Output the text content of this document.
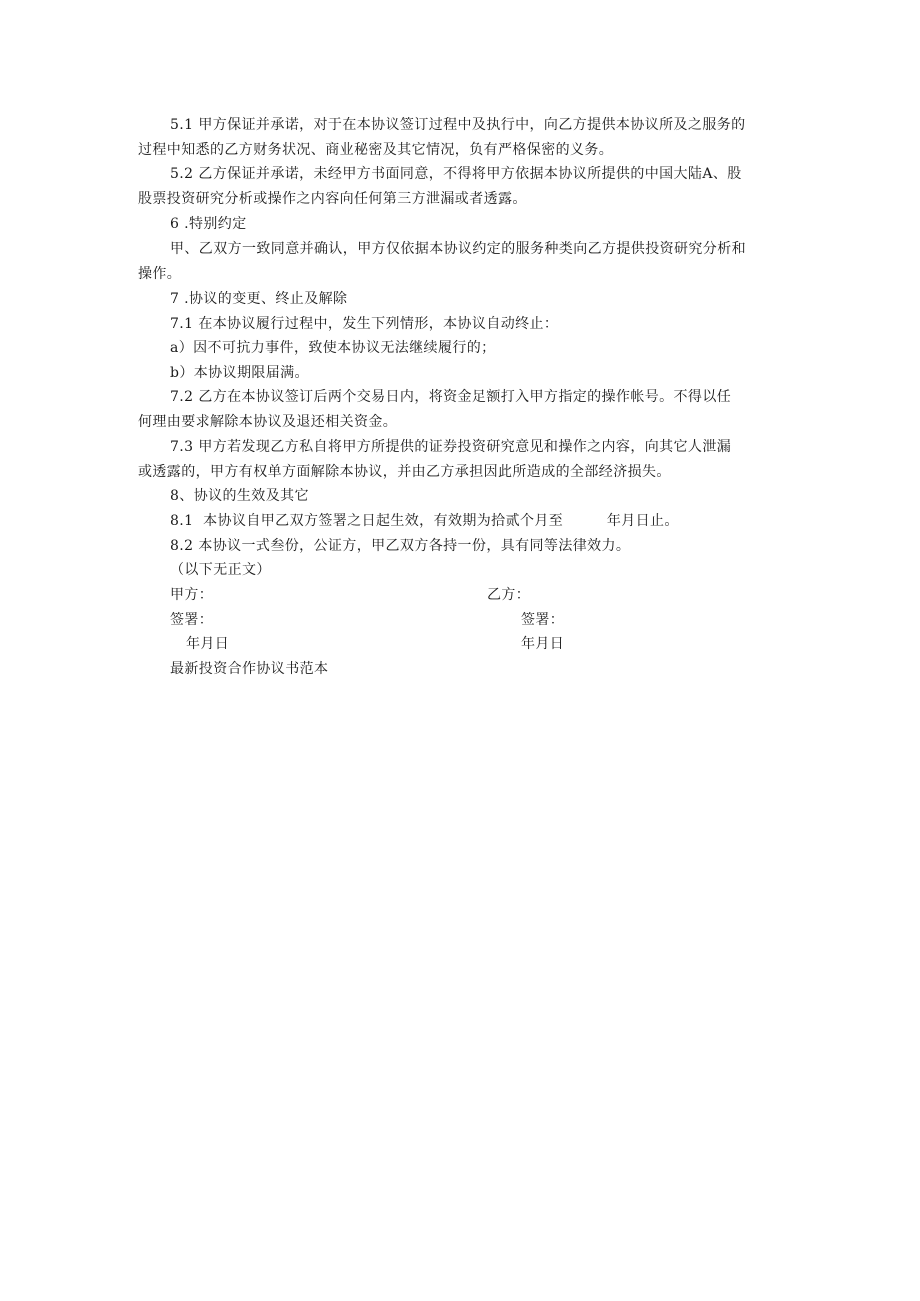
5.1 甲方保证并承诺，对于在本协议签订过程中及执行中，向乙方提供本协议所及之服务的
过程中知悉的乙方财务状况、商业秘密及其它情况，负有严格保密的义务。
5.2 乙方保证并承诺，未经甲方书面同意，不得将甲方依据本协议所提供的中国大陆A、股
股票投资研究分析或操作之内容向任何第三方泄漏或者透露。
6 .特别约定
甲、乙双方一致同意并确认，甲方仅依据本协议约定的服务种类向乙方提供投资研究分析和
操作。
7 .协议的变更、终止及解除
7.1 在本协议履行过程中，发生下列情形，本协议自动终止：
a）因不可抗力事件，致使本协议无法继续履行的；
b）本协议期限届满。
7.2 乙方在本协议签订后两个交易日内，将资金足额打入甲方指定的操作帐号。不得以任
何理由要求解除本协议及退还相关资金。
7.3 甲方若发现乙方私自将甲方所提供的证券投资研究意见和操作之内容，向其它人泄漏
或透露的，甲方有权单方面解除本协议，并由乙方承担因此所造成的全部经济损失。
8、协议的生效及其它
8.1  本协议自甲乙双方签署之日起生效，有效期为拾贰个月至         年月日止。
8.2 本协议一式叁份，公证方，甲乙双方各持一份，具有同等法律效力。
（以下无正文）
甲方：	乙方：
签署：	签署：
年月日	年月日
最新投资合作协议书范本
